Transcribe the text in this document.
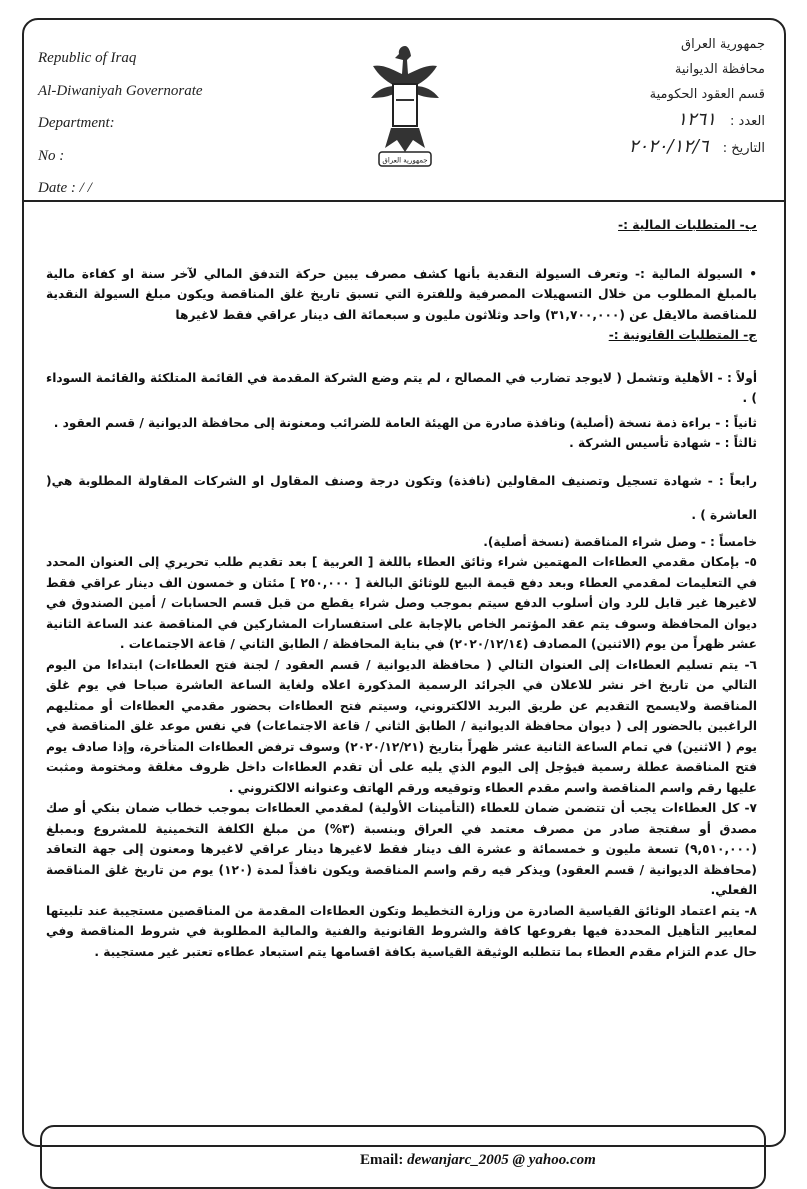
Republic of Iraq
Al-Diwaniyah Governorate
Department:
No :
Date : / /
جمهورية العراق
جمهورية العراق
محافظة الديوانية
قسم العقود الحكومية
العدد : ١٢٦١
التاريخ : ٢٠٢٠/١٢/٦

ب- المتطلبات المالية :-

• السيولة المالية :- وتعرف السيولة النقدية بأنها كشف مصرف يبين حركة التدفق المالي لآخر سنة او كفاءة مالية بالمبلغ المطلوب من خلال التسهيلات المصرفية وللفترة التي تسبق تاريخ غلق المناقصة ويكون مبلغ السيولة النقدية للمناقصة مالايقل عن (٣١,٧٠٠,٠٠٠) واحد وثلاثون مليون و سبعمائة الف دينار عراقي فقط لاغيرها

ج- المتطلبات القانونية :-

أولاً : - الأهلية وتشمل ( لايوجد تضارب في المصالح ، لم يتم وضع الشركة المقدمة في القائمة المتلكئة والقائمة السوداء ) .

ثانياً : - براءة ذمة نسخة (أصلية) ونافذة صادرة من الهيئة العامة للضرائب ومعنونة إلى محافظة الديوانية / قسم العقود .

ثالثاً : - شهادة تأسيس الشركة .

رابعاً : - شهادة تسجيل وتصنيف المقاولين (نافذة) وتكون درجة وصنف المقاول او الشركات المقاولة المطلوبة هي( العاشرة ) .

خامساً : - وصل شراء المناقصة (نسخة أصلية).

٥- بإمكان مقدمي العطاءات المهتمين شراء وثائق العطاء باللغة [ العربية ] بعد تقديم طلب تحريري إلى العنوان المحدد في التعليمات لمقدمي العطاء وبعد دفع قيمة البيع للوثائق البالغة [ ٢٥٠,٠٠٠ ] مئتان و خمسون الف دينار عراقي فقط لاغيرها غير قابل للرد وان أسلوب الدفع سيتم بموجب وصل شراء يقطع من قبل قسم الحسابات / أمين الصندوق في ديوان المحافظة وسوف يتم عقد المؤتمر الخاص بالإجابة على استفسارات المشاركين في المناقصة عند الساعة الثانية عشر ظهراً من يوم (الاثنين) المصادف (٢٠٢٠/١٢/١٤) في بناية المحافظة / الطابق الثاني / قاعة الاجتماعات .

٦- يتم تسليم العطاءات إلى العنوان التالي ( محافظة الديوانية / قسم العقود / لجنة فتح العطاءات) ابتداءا من اليوم التالي من تاريخ اخر نشر للاعلان في الجرائد الرسمية المذكورة اعلاه ولغاية الساعة العاشرة صباحا في يوم غلق المناقصة ولايسمح التقديم عن طريق البريد الالكتروني، وسيتم فتح العطاءات بحضور مقدمي العطاءات أو ممثليهم الراغبين بالحضور إلى ( ديوان محافظة الديوانية / الطابق الثاني / قاعة الاجتماعات) في نفس موعد غلق المناقصة في يوم ( الاثنين) في تمام الساعة الثانية عشر ظهراً بتاريخ (٢٠٢٠/١٢/٢١) وسوف ترفض العطاءات المتأخرة، وإذا صادف يوم فتح المناقصة عطلة رسمية فيؤجل إلى اليوم الذي يليه على أن تقدم العطاءات داخل ظروف مغلقة ومختومة ومثبت عليها رقم واسم المناقصة واسم مقدم العطاء وتوقيعه ورقم الهاتف وعنوانه الالكتروني .

٧- كل العطاءات يجب أن تتضمن ضمان للعطاء (التأمينات الأولية) لمقدمي العطاءات بموجب خطاب ضمان بنكي أو صك مصدق أو سفتجة صادر من مصرف معتمد في العراق وبنسبة (٣%) من مبلغ الكلفة التخمينية للمشروع وبمبلغ (٩,٥١٠,٠٠٠) تسعة مليون و خمسمائة و عشرة الف دينار فقط لاغيرها دينار عراقي لاغيرها ومعنون إلى جهة التعاقد (محافظة الديوانية / قسم العقود) ويذكر فيه رقم واسم المناقصة ويكون نافذاً لمدة (١٢٠) يوم من تاريخ غلق المناقصة الفعلي.

٨- يتم اعتماد الوثائق القياسية الصادرة من وزارة التخطيط وتكون العطاءات المقدمة من المناقصين مستجيبة عند تلبيتها لمعايير التأهيل المحددة فيها بفروعها كافة والشروط القانونية والفنية والمالية المطلوبة في شروط المناقصة وفي حال عدم التزام مقدم العطاء بما تتطلبه الوثيقة القياسية بكافة اقسامها يتم استبعاد عطاءه تعتبر غير مستجيبة .

Email: dewanjarc_2005 @ yahoo.com
